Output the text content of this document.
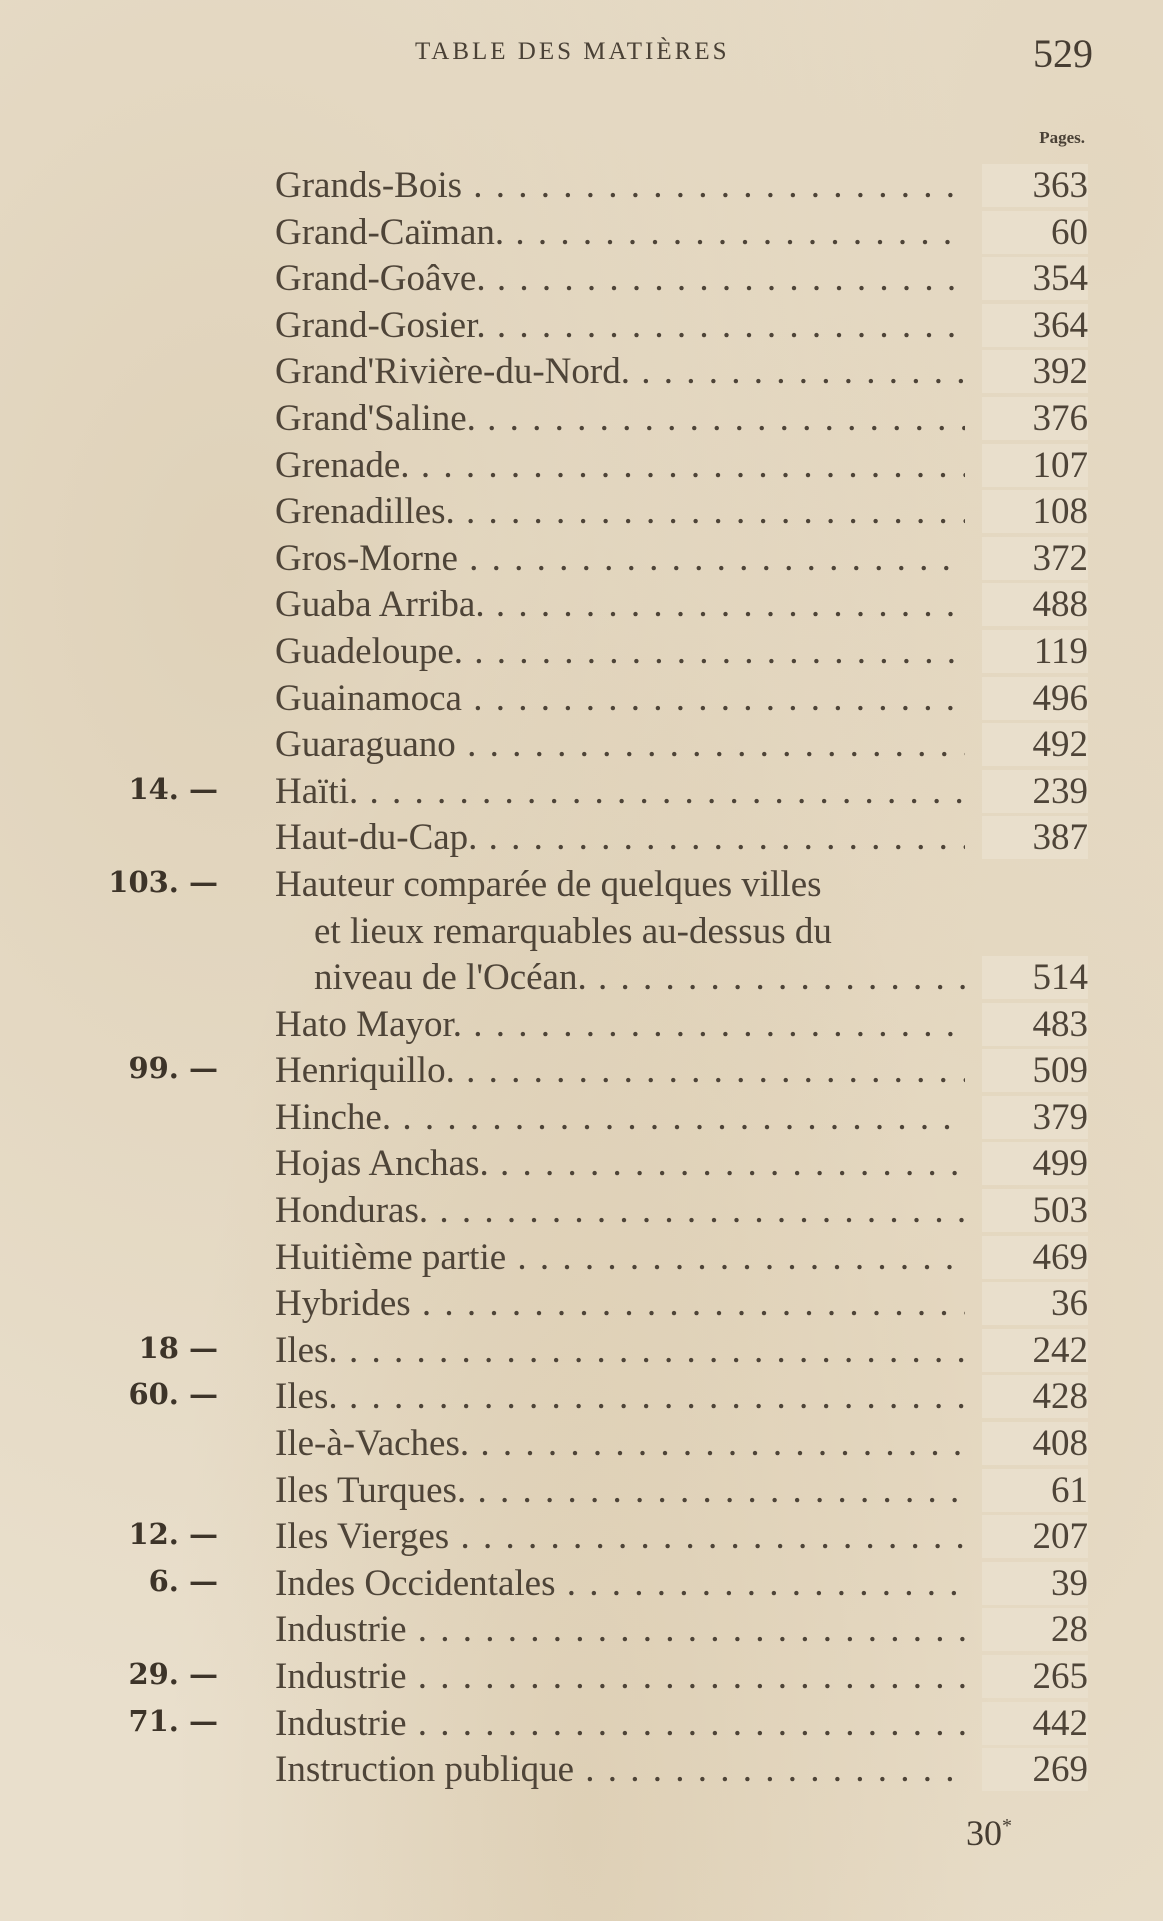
TABLE DES MATIÈRES	529
Pages.
Grands-Bois . .	363
Grand-Caïman. . .	60
Grand-Goâve. . .	354
Grand-Gosier. . .	364
Grand'Rivière-du-Nord. . .	392
Grand'Saline. . .	376
Grenade. . .	107
Grenadilles. . .	108
Gros-Morne . .	372
Guaba Arriba. . .	488
Guadeloupe. . .	119
Guainamoca . .	496
Guaraguano . .	492
14. — Haïti. . .	239
Haut-du-Cap. . .	387
103. — Hauteur comparée de quelques villes
et lieux remarquables au-dessus du
niveau de l'Océan. . .	514
Hato Mayor. . .	483
99. — Henriquillo. . .	509
Hinche. . .	379
Hojas Anchas. . .	499
Honduras. . .	503
Huitième partie . .	469
Hybrides . .	36
18 — Iles. . .	242
60. — Iles. . .	428
Ile-à-Vaches. . .	408
Iles Turques. . .	61
12. — Iles Vierges . .	207
6. — Indes Occidentales . .	39
Industrie . .	28
29. — Industrie . .	265
71. — Industrie . .	442
Instruction publique . .	269
30*
